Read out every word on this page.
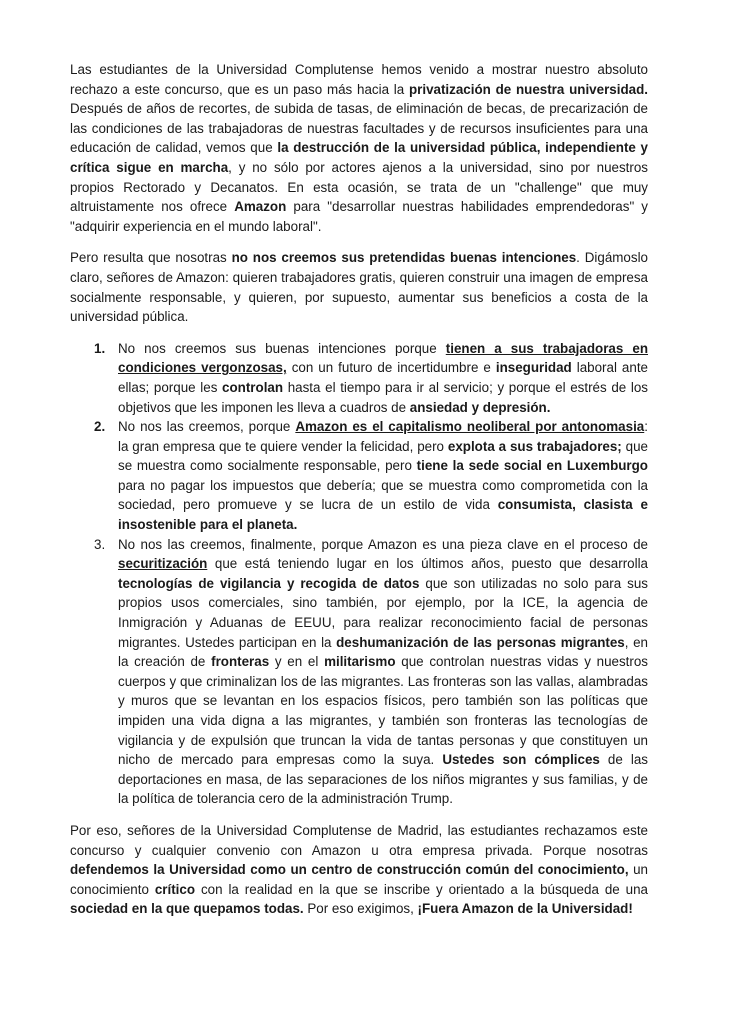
Las estudiantes de la Universidad Complutense hemos venido a mostrar nuestro absoluto rechazo a este concurso, que es un paso más hacia la privatización de nuestra universidad. Después de años de recortes, de subida de tasas, de eliminación de becas, de precarización de las condiciones de las trabajadoras de nuestras facultades y de recursos insuficientes para una educación de calidad, vemos que la destrucción de la universidad pública, independiente y crítica sigue en marcha, y no sólo por actores ajenos a la universidad, sino por nuestros propios Rectorado y Decanatos. En esta ocasión, se trata de un "challenge" que muy altruistamente nos ofrece Amazon para "desarrollar nuestras habilidades emprendedoras" y "adquirir experiencia en el mundo laboral".

Pero resulta que nosotras no nos creemos sus pretendidas buenas intenciones. Digámoslo claro, señores de Amazon: quieren trabajadores gratis, quieren construir una imagen de empresa socialmente responsable, y quieren, por supuesto, aumentar sus beneficios a costa de la universidad pública.

1. No nos creemos sus buenas intenciones porque tienen a sus trabajadoras en condiciones vergonzosas, con un futuro de incertidumbre e inseguridad laboral ante ellas; porque les controlan hasta el tiempo para ir al servicio; y porque el estrés de los objetivos que les imponen les lleva a cuadros de ansiedad y depresión.
2. No nos las creemos, porque Amazon es el capitalismo neoliberal por antonomasia: la gran empresa que te quiere vender la felicidad, pero explota a sus trabajadores; que se muestra como socialmente responsable, pero tiene la sede social en Luxemburgo para no pagar los impuestos que debería; que se muestra como comprometida con la sociedad, pero promueve y se lucra de un estilo de vida consumista, clasista e insostenible para el planeta.
3. No nos las creemos, finalmente, porque Amazon es una pieza clave en el proceso de securitización que está teniendo lugar en los últimos años, puesto que desarrolla tecnologías de vigilancia y recogida de datos que son utilizadas no solo para sus propios usos comerciales, sino también, por ejemplo, por la ICE, la agencia de Inmigración y Aduanas de EEUU, para realizar reconocimiento facial de personas migrantes. Ustedes participan en la deshumanización de las personas migrantes, en la creación de fronteras y en el militarismo que controlan nuestras vidas y nuestros cuerpos y que criminalizan los de las migrantes. Las fronteras son las vallas, alambradas y muros que se levantan en los espacios físicos, pero también son las políticas que impiden una vida digna a las migrantes, y también son fronteras las tecnologías de vigilancia y de expulsión que truncan la vida de tantas personas y que constituyen un nicho de mercado para empresas como la suya. Ustedes son cómplices de las deportaciones en masa, de las separaciones de los niños migrantes y sus familias, y de la política de tolerancia cero de la administración Trump.

Por eso, señores de la Universidad Complutense de Madrid, las estudiantes rechazamos este concurso y cualquier convenio con Amazon u otra empresa privada. Porque nosotras defendemos la Universidad como un centro de construcción común del conocimiento, un conocimiento crítico con la realidad en la que se inscribe y orientado a la búsqueda de una sociedad en la que quepamos todas. Por eso exigimos, ¡Fuera Amazon de la Universidad!
